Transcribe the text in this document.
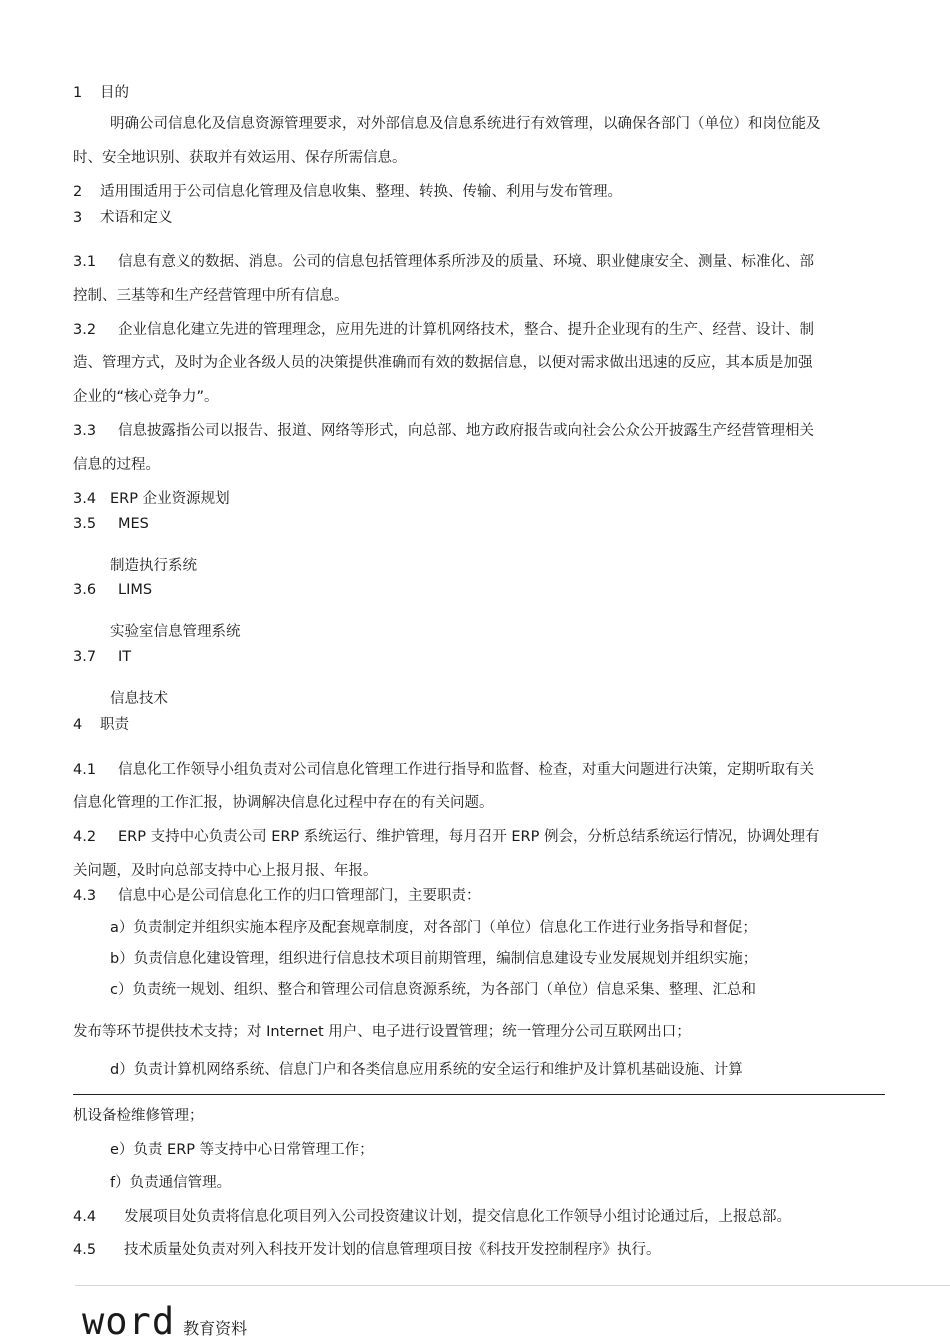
1 目的
明确公司信息化及信息资源管理要求，对外部信息及信息系统进行有效管理，以确保各部门（单位）和岗位能及
时、安全地识别、获取并有效运用、保存所需信息。
2 适用围适用于公司信息化管理及信息收集、整理、转换、传输、利用与发布管理。
3 术语和定义
3.1 信息有意义的数据、消息。公司的信息包括管理体系所涉及的质量、环境、职业健康安全、测量、标准化、部
控制、三基等和生产经营管理中所有信息。
3.2 企业信息化建立先进的管理理念，应用先进的计算机网络技术，整合、提升企业现有的生产、经营、设计、制
造、管理方式，及时为企业各级人员的决策提供准确而有效的数据信息，以便对需求做出迅速的反应，其本质是加强
企业的“核心竞争力”。
3.3 信息披露指公司以报告、报道、网络等形式，向总部、地方政府报告或向社会公众公开披露生产经营管理相关
信息的过程。
3.4 ERP 企业资源规划
3.5 MES
制造执行系统
3.6 LIMS
实验室信息管理系统
3.7 IT
信息技术
4 职责
4.1 信息化工作领导小组负责对公司信息化管理工作进行指导和监督、检查，对重大问题进行决策，定期听取有关
信息化管理的工作汇报，协调解决信息化过程中存在的有关问题。
4.2 ERP 支持中心负责公司 ERP 系统运行、维护管理，每月召开 ERP 例会，分析总结系统运行情况，协调处理有
关问题，及时向总部支持中心上报月报、年报。
4.3 信息中心是公司信息化工作的归口管理部门，主要职责：
a）负责制定并组织实施本程序及配套规章制度，对各部门（单位）信息化工作进行业务指导和督促；
b）负责信息化建设管理，组织进行信息技术项目前期管理，编制信息建设专业发展规划并组织实施；
c）负责统一规划、组织、整合和管理公司信息资源系统，为各部门（单位）信息采集、整理、汇总和
发布等环节提供技术支持；对 Internet 用户、电子进行设置管理；统一管理分公司互联网出口；
d）负责计算机网络系统、信息门户和各类信息应用系统的安全运行和维护及计算机基础设施、计算
机设备检维修管理；
e）负责 ERP 等支持中心日常管理工作；
f）负责通信管理。
4.4 发展项目处负责将信息化项目列入公司投资建议计划，提交信息化工作领导小组讨论通过后，上报总部。
4.5 技术质量处负责对列入科技开发计划的信息管理项目按《科技开发控制程序》执行。
word 教育资料
